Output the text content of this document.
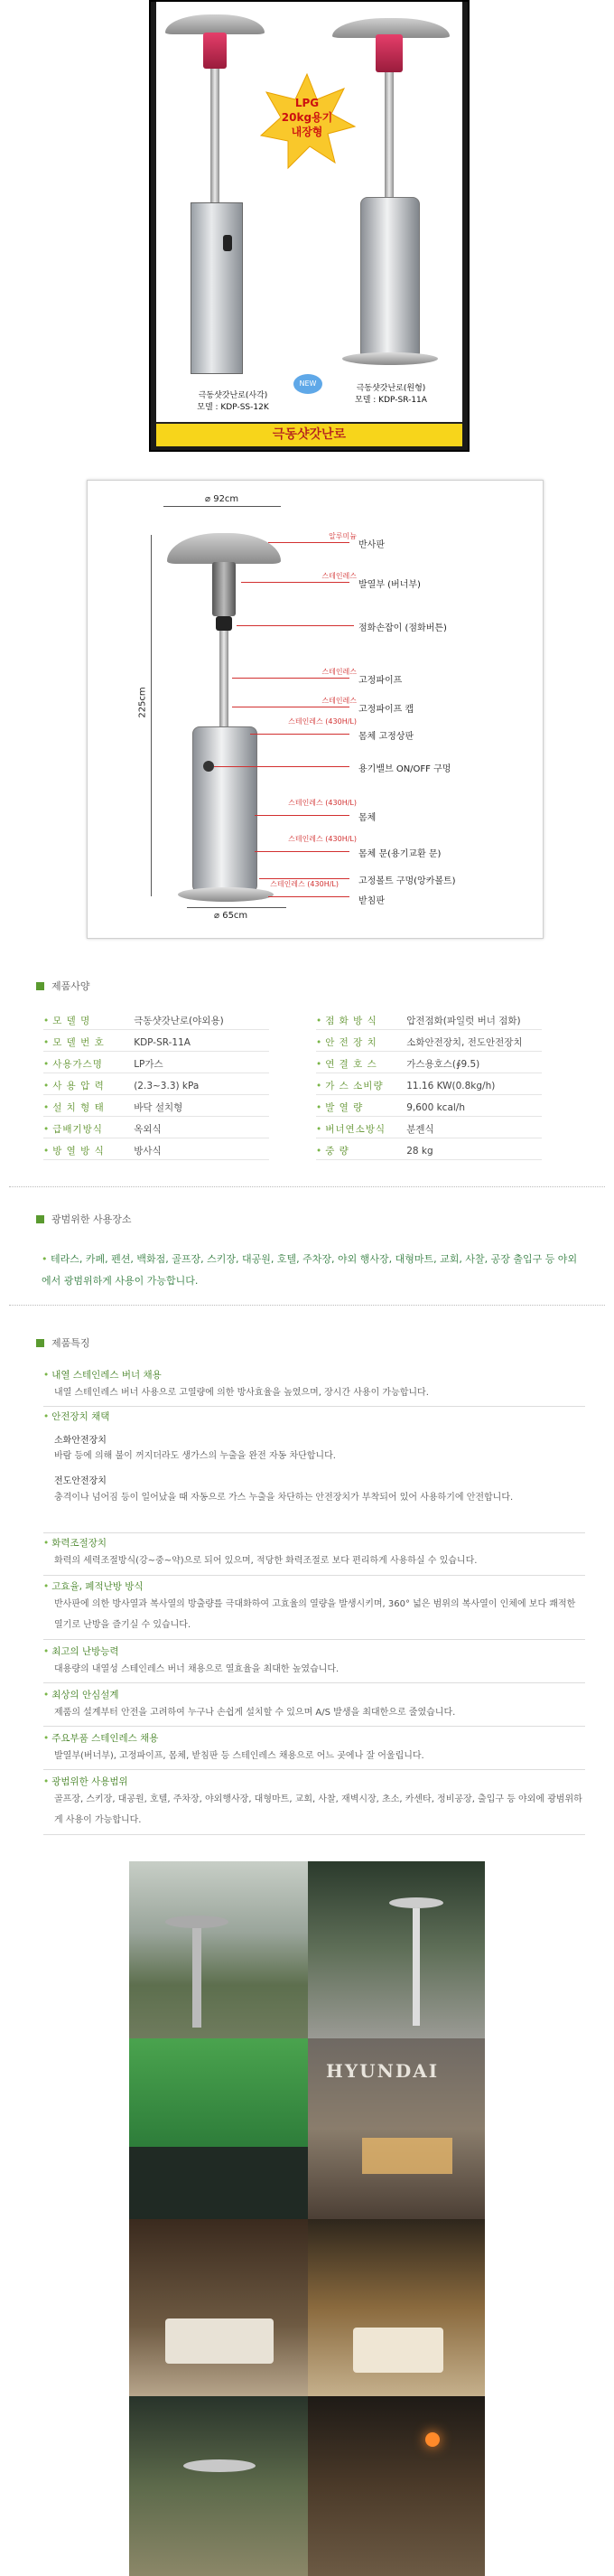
극동샷갓난로(사각)
모델 : KDP-SS-12K
극동샷갓난로(원형)
모델 : KDP-SR-11A
LPG
20kg용기
내장형
NEW
극동샷갓난로
⌀ 92cm
225cm
⌀ 65cm
알루미늄
반사판
스테인레스
발열부 (버너부)
점화손잡이 (점화버튼)
스테인레스
고정파이프
스테인레스
고정파이프 캡
스테인레스 (430H/L)
몸체 고정상판
용기밸브 ON/OFF 구멍
스테인레스 (430H/L)
몸체
스테인레스 (430H/L)
몸체 문(용기교환 문)
고정볼트 구멍(앙카볼트)
스테인레스 (430H/L)
받침판
제품사양
• 모 델 명	극동샷갓난로(야외용)
• 모 델 번 호	KDP-SR-11A
• 사용가스명	LP가스
• 사 용 압 력	(2.3~3.3) kPa
• 설 치 형 태	바닥 설치형
• 급배기방식	옥외식
• 방 열 방 식	방사식
• 점 화 방 식	압전점화(파일럿 버너 점화)
• 안 전 장 치	소화안전장치, 전도안전장치
• 연 결 호 스	가스용호스(∮9.5)
• 가 스 소비량 11.16 KW(0.8kg/h)
• 발 열 량	9,600 kcal/h
• 버너연소방식 분젠식
• 중 량	28 kg
광범위한 사용장소
• 테라스, 카페, 펜션, 백화점, 골프장, 스키장, 대공원, 호텔, 주차장, 야외 행사장, 대형마트, 교회, 사찰, 공장 출입구 등 야외에서 광범위하게 사용이 가능합니다.
제품특징
• 내열 스테인레스 버너 채용
내열 스테인레스 버너 사용으로 고열량에 의한 방사효율을 높였으며, 장시간 사용이 가능합니다.
• 안전장치 채택
소화안전장치
바람 등에 의해 불이 꺼지더라도 생가스의 누출을 완전 자동 차단합니다.
전도안전장치
충격이나 넘어짐 등이 일어났을 때 자동으로 가스 누출을 차단하는 안전장치가 부착되어 있어 사용하기에 안전합니다.
• 화력조절장치
화력의 세력조절방식(강~중~약)으로 되어 있으며, 적당한 화력조절로 보다 편리하게 사용하실 수 있습니다.
• 고효율, 폐적난방 방식
반사판에 의한 방사열과 복사열의 방출량를 극대화하여 고효율의 열량을 발생시키며, 360° 넓은 범위의 복사열이 인체에 보다 쾌적한 열기로 난방을 즐기실 수 있습니다.
• 최고의 난방능력
대용량의 내열성 스테인레스 버너 채용으로 열효율을 최대한 높였습니다.
• 최상의 안심설계
제품의 설계부터 안전을 고려하여 누구나 손쉽게 설치할 수 있으며 A/S 발생을 최대한으로 줄였습니다.
• 주요부품 스테인레스 채용
발열부(버너부), 고정파이프, 몸체, 받침판 등 스테인레스 채용으로 어느 곳에나 잘 어울립니다.
• 광범위한 사용범위
골프장, 스키장, 대공원, 호텔, 주차장, 야외행사장, 대형마트, 교회, 사찰, 재벽시장, 초소, 카센타, 정비공장, 출입구 등 야외에 광범위하게 사용이 가능합니다.
HYUNDAI
